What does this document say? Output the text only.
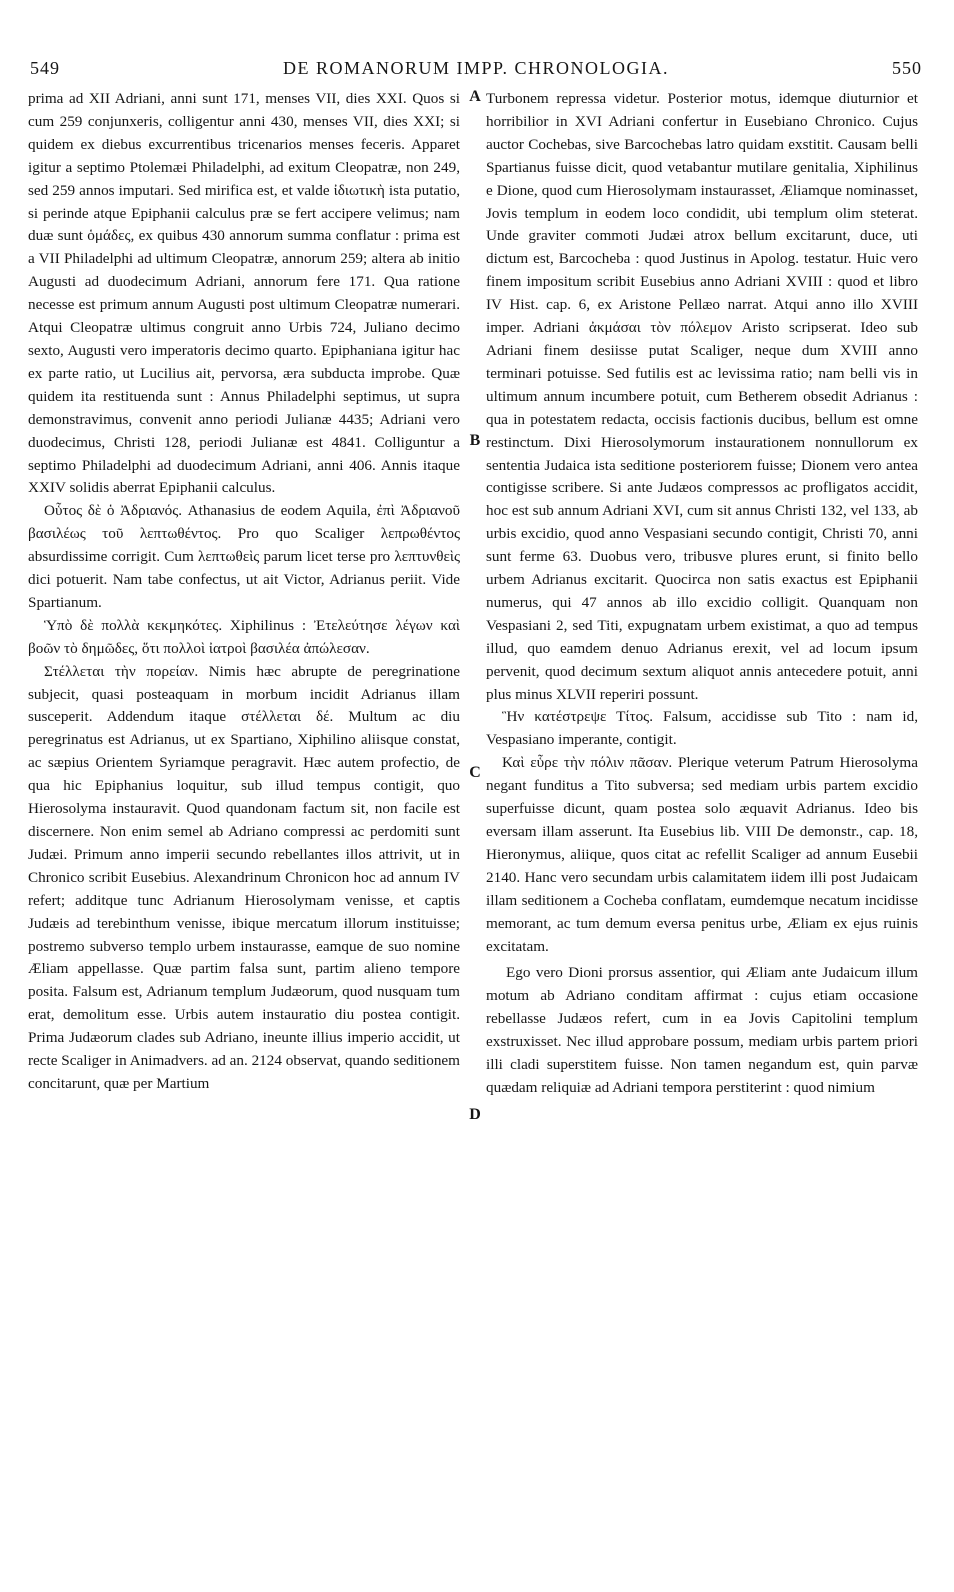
549	DE ROMANORUM IMPP. CHRONOLOGIA.	550

prima ad XII Adriani, anni sunt 171, menses VII, dies XXI. Quos si cum 259 conjunxeris, colligentur anni 430, menses VII, dies XXI; si quidem ex diebus excurrentibus tricenarios menses feceris. Apparet igitur a septimo Ptolemæi Philadelphi, ad exitum Cleopatræ, non 249, sed 259 annos imputari. Sed mirifica est, et valde ἰδιωτικὴ ista putatio, si perinde atque Epiphanii calculus præ se fert accipere velimus; nam duæ sunt ὁμάδες, ex quibus 430 annorum summa conflatur : prima est a VII Philadelphi ad ultimum Cleopatræ, annorum 259; altera ab initio Augusti ad duodecimum Adriani, annorum fere 171. Qua ratione necesse est primum annum Augusti post ultimum Cleopatræ numerari. Atqui Cleopatræ ultimus congruit anno Urbis 724, Juliano decimo sexto, Augusti vero imperatoris decimo quarto. Epiphaniana igitur hac ex parte ratio, ut Lucilius ait, pervorsa, æra subducta improbe. Quæ quidem ita restituenda sunt : Annus Philadelphi septimus, ut supra demonstravimus, convenit anno periodi Julianæ 4435; Adriani vero duodecimus, Christi 128, periodi Julianæ est 4841. Colliguntur a septimo Philadelphi ad duodecimum Adriani, anni 406. Annis itaque XXIV solidis aberrat Epiphanii calculus.

Οὗτος δὲ ὁ Ἀδριανός. Athanasius de eodem Aquila, ἐπὶ Ἀδριανοῦ βασιλέως τοῦ λεπτωθέντος. Pro quo Scaliger λεπρωθέντος absurdissime corrigit. Cum λεπτωθεὶς parum licet terse pro λεπτυνθεὶς dici potuerit. Nam tabe confectus, ut ait Victor, Adrianus periit. Vide Spartianum.

Ὑπὸ δὲ πολλὰ κεκμηκότες. Xiphilinus : Ἐτελεύτησε λέγων καὶ βοῶν τὸ δημῶδες, ὅτι πολλοὶ ἰατροὶ βασιλέα ἀπώλεσαν.

Στέλλεται τὴν πορείαν. Nimis hæc abrupte de peregrinatione subjecit, quasi posteaquam in morbum incidit Adrianus illam susceperit. Addendum itaque στέλλεται δέ. Multum ac diu peregrinatus est Adrianus, ut ex Spartiano, Xiphilino aliisque constat, ac sæpius Orientem Syriamque peragravit. Hæc autem profectio, de qua hic Epiphanius loquitur, sub illud tempus contigit, quo Hierosolyma instauravit. Quod quandonam factum sit, non facile est discernere. Non enim semel ab Adriano compressi ac perdomiti sunt Judæi. Primum anno imperii secundo rebellantes illos attrivit, ut in Chronico scribit Eusebius. Alexandrinum Chronicon hoc ad annum IV refert; additque tunc Adrianum Hierosolymam venisse, et captis Judæis ad terebinthum venisse, ibique mercatum illorum instituisse; postremo subverso templo urbem instaurasse, eamque de suo nomine Æliam appellasse. Quæ partim falsa sunt, partim alieno tempore posita. Falsum est, Adrianum templum Judæorum, quod nusquam tum erat, demolitum esse. Urbis autem instauratio diu postea contigit. Prima Judæorum clades sub Adriano, ineunte illius imperio accidit, ut recte Scaliger in Animadvers. ad an. 2124 observat, quando seditionem concitarunt, quæ per Martium

Turbonem repressa videtur. Posterior motus, idemque diuturnior et horribilior in XVI Adriani confertur in Eusebiano Chronico. Cujus auctor Cochebas, sive Barcochebas latro quidam exstitit. Causam belli Spartianus fuisse dicit, quod vetabantur mutilare genitalia, Xiphilinus e Dione, quod cum Hierosolymam instaurasset, Æliamque nominasset, Jovis templum in eodem loco condidit, ubi templum olim steterat. Unde graviter commoti Judæi atrox bellum excitarunt, duce, uti dictum est, Barcocheba : quod Justinus in Apolog. testatur. Huic vero finem impositum scribit Eusebius anno Adriani XVIII : quod et libro IV Hist. cap. 6, ex Aristone Pellæo narrat. Atqui anno illo XVIII imper. Adriani ἀκμάσαι τὸν πόλεμον Aristo scripserat. Ideo sub Adriani finem desiisse putat Scaliger, neque dum XVIII anno terminari potuisse. Sed futilis est ac levissima ratio; nam belli vis in ultimum annum incumbere potuit, cum Betherem obsedit Adrianus : qua in potestatem redacta, occisis factionis ducibus, bellum est omne restinctum. Dixi Hierosolymorum instaurationem nonnullorum ex sententia Judaica ista seditione posteriorem fuisse; Dionem vero antea contigisse scribere. Si ante Judæos compressos ac profligatos accidit, hoc est sub annum Adriani XVI, cum sit annus Christi 132, vel 133, ab urbis excidio, quod anno Vespasiani secundo contigit, Christi 70, anni sunt ferme 63. Duobus vero, tribusve plures erunt, si finito bello urbem Adrianus excitarit. Quocirca non satis exactus est Epiphanii numerus, qui 47 annos ab illo excidio colligit. Quanquam non Vespasiani 2, sed Titi, expugnatam urbem existimat, a quo ad tempus illud, quo eamdem denuo Adrianus erexit, vel ad locum ipsum pervenit, quod decimum sextum aliquot annis antecedere potuit, anni plus minus XLVII reperiri possunt.

Ἣν κατέστρεψε Τίτος. Falsum, accidisse sub Tito : nam id, Vespasiano imperante, contigit.

Καὶ εὗρε τὴν πόλιν πᾶσαν. Plerique veterum Patrum Hierosolyma negant funditus a Tito subversa; sed mediam urbis partem excidio superfuisse dicunt, quam postea solo æquavit Adrianus. Ideo bis eversam illam asserunt. Ita Eusebius lib. VIII De demonstr., cap. 18, Hieronymus, aliique, quos citat ac refellit Scaliger ad annum Eusebii 2140. Hanc vero secundam urbis calamitatem iidem illi post Judaicam illam seditionem a Cocheba conflatam, eumdemque necatum incidisse memorant, ac tum demum eversa penitus urbe, Æliam ex ejus ruinis excitatam.

Ego vero Dioni prorsus assentior, qui Æliam ante Judaicum illum motum ab Adriano conditam affirmat : cujus etiam occasione rebellasse Judæos refert, cum in ea Jovis Capitolini templum exstruxisset. Nec illud approbare possum, mediam urbis partem priori illi cladi superstitem fuisse. Non tamen negandum est, quin parvæ quædam reliquiæ ad Adriani tempora perstiterint : quod nimium

A
B
C
D
